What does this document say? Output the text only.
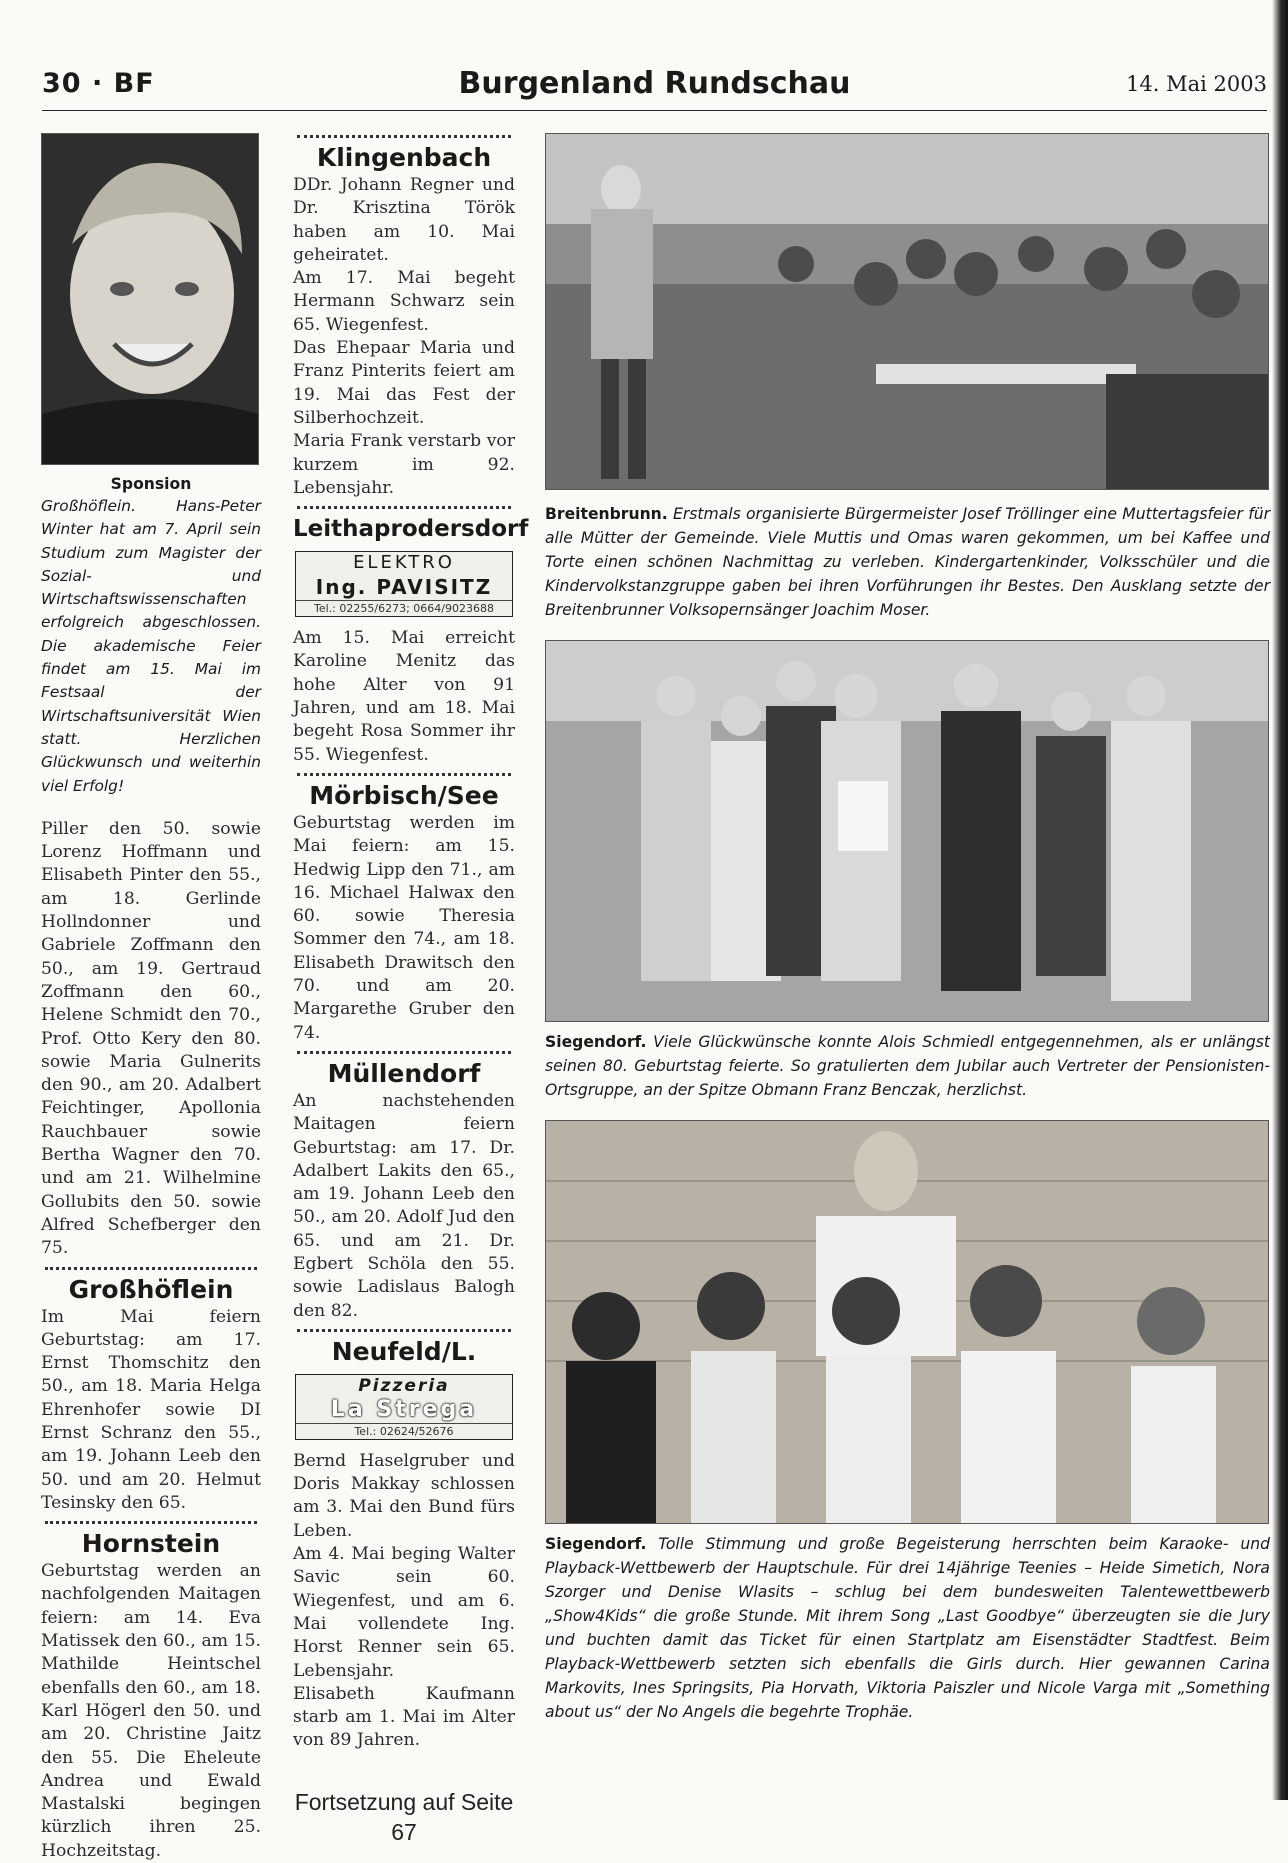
30 · BF	Burgenland Rundschau	14. Mai 2003
Sponsion

Großhöflein. Hans-Peter Winter hat am 7. April sein Studium zum Magister der Sozial- und Wirtschaftswissenschaften erfolgreich abgeschlossen. Die akademische Feier findet am 15. Mai im Festsaal der Wirtschaftsuniversität Wien statt. Herzlichen Glückwunsch und weiterhin viel Erfolg!

Piller den 50. sowie Lorenz Hoffmann und Elisabeth Pinter den 55., am 18. Gerlinde Hollndonner und Gabriele Zoffmann den 50., am 19. Gertraud Zoffmann den 60., Helene Schmidt den 70., Prof. Otto Kery den 80. sowie Maria Gulnerits den 90., am 20. Adalbert Feichtinger, Apollonia Rauchbauer sowie Bertha Wagner den 70. und am 21. Wilhelmine Gollubits den 50. sowie Alfred Schefberger den 75.

Großhöflein

Im Mai feiern Geburtstag: am 17. Ernst Thomschitz den 50., am 18. Maria Helga Ehrenhofer sowie DI Ernst Schranz den 55., am 19. Johann Leeb den 50. und am 20. Helmut Tesinsky den 65.

Hornstein

Geburtstag werden an nachfolgenden Maitagen feiern: am 14. Eva Matissek den 60., am 15. Mathilde Heintschel ebenfalls den 60., am 18. Karl Högerl den 50. und am 20. Christine Jaitz den 55. Die Eheleute Andrea und Ewald Mastalski begingen kürzlich ihren 25. Hochzeitstag.

Klingenbach

DDr. Johann Regner und Dr. Krisztina Török haben am 10. Mai geheiratet.

Am 17. Mai begeht Hermann Schwarz sein 65. Wiegenfest.

Das Ehepaar Maria und Franz Pinterits feiert am 19. Mai das Fest der Silberhochzeit.

Maria Frank verstarb vor kurzem im 92. Lebensjahr.

Leithaprodersdorf
ELEKTRO
Ing. PAVISITZ
Tel.: 02255/6273; 0664/9023688

Am 15. Mai erreicht Karoline Menitz das hohe Alter von 91 Jahren, und am 18. Mai begeht Rosa Sommer ihr 55. Wiegenfest.

Mörbisch/See

Geburtstag werden im Mai feiern: am 15. Hedwig Lipp den 71., am 16. Michael Halwax den 60. sowie Theresia Sommer den 74., am 18. Elisabeth Drawitsch den 70. und am 20. Margarethe Gruber den 74.

Müllendorf

An nachstehenden Maitagen feiern Geburtstag: am 17. Dr. Adalbert Lakits den 65., am 19. Johann Leeb den 50., am 20. Adolf Jud den 65. und am 21. Dr. Egbert Schöla den 55. sowie Ladislaus Balogh den 82.

Neufeld/L.
Pizzeria
La Strega
Tel.: 02624/52676

Bernd Haselgruber und Doris Makkay schlossen am 3. Mai den Bund fürs Leben.

Am 4. Mai beging Walter Savic sein 60. Wiegenfest, und am 6. Mai vollendete Ing. Horst Renner sein 65. Lebensjahr.

Elisabeth Kaufmann starb am 1. Mai im Alter von 89 Jahren.

Fortsetzung auf Seite 67

Breitenbrunn. Erstmals organisierte Bürgermeister Josef Tröllinger eine Muttertagsfeier für alle Mütter der Gemeinde. Viele Muttis und Omas waren gekommen, um bei Kaffee und Torte einen schönen Nachmittag zu verleben. Kindergartenkinder, Volksschüler und die Kindervolkstanzgruppe gaben bei ihren Vorführungen ihr Bestes. Den Ausklang setzte der Breitenbrunner Volksopernsänger Joachim Moser.

Siegendorf. Viele Glückwünsche konnte Alois Schmiedl entgegennehmen, als er unlängst seinen 80. Geburtstag feierte. So gratulierten dem Jubilar auch Vertreter der Pensionisten-Ortsgruppe, an der Spitze Obmann Franz Benczak, herzlichst.

Siegendorf. Tolle Stimmung und große Begeisterung herrschten beim Karaoke- und Playback-Wettbewerb der Hauptschule. Für drei 14jährige Teenies – Heide Simetich, Nora Szorger und Denise Wlasits – schlug bei dem bundesweiten Talentewettbewerb „Show4Kids“ die große Stunde. Mit ihrem Song „Last Goodbye“ überzeugten sie die Jury und buchten damit das Ticket für einen Startplatz am Eisenstädter Stadtfest. Beim Playback-Wettbewerb setzten sich ebenfalls die Girls durch. Hier gewannen Carina Markovits, Ines Springsits, Pia Horvath, Viktoria Paiszler und Nicole Varga mit „Something about us“ der No Angels die begehrte Trophäe.
